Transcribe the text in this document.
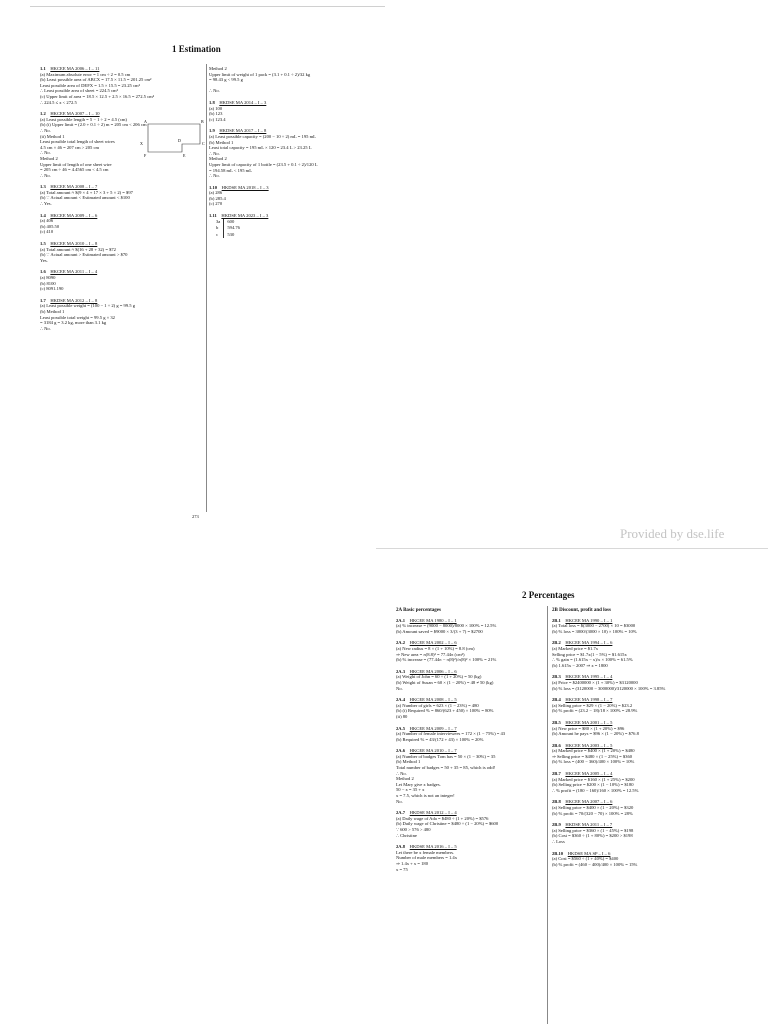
1 Estimation
1.1  HKCEE MA 2006 – I – 11
(a) Maximum absolute error = 1 cm ÷ 2 = 0.5 cm
(b) Least possible area of ABCX = 17.5 × 11.5 = 201.25 cm²
Least possible area of DEFX = 1.5 × 15.5 = 23.25 cm²
∴ Least possible area of sheet = 224.5 cm²
(c) Upper limit of area = 18.5 × 12.5 + 2.5 × 16.5 = 272.5 cm²
∴ 224.5 ≤ x < 272.5
1.2  HKCEE MA 2007 – I – 10
(a) Least possible length = 5 − 1 ÷ 2 = 4.5 (cm)
(b) (i) Upper limit = (2.0 + 0.1 ÷ 2) m = 205 cm < 206 cm
∴ No.
(ii) Method 1
Least possible total length of sheet wires
4.5 cm × 46 = 207 cm > 205 cm
∴ No.
Method 2
Upper limit of length of one sheet wire
= 205 cm ÷ 46 = 4.4565 cm < 4.5 cm
∴ No.
1.3  HKCEE MA 2008 – I – 7
(a) Total amount ≈ $(9 × 4 + 17 × 3 + 5 × 2) = $97
(b) ∵ Actual amount < Estimated amount < $100
∴ Yes.
1.4  HKCEE MA 2009 – I – 6
(a) 406
(b) 405.50
(c) 410
1.5  HKCEE MA 2010 – I – 8
(a) Total amount ≈ $(16 + 28 + 32) = $72
(b) ∵ Actual amount > Estimated amount > $70
Yes.
1.6  HKCEE MA 2011 – I – 4
(a) 8090
(b) 8100
(c) 8091.190
1.7  HKDSE MA 2012 – I – 8
(a) Least possible weight = (100 − 1 ÷ 2) g = 99.5 g
(b) Method 1
Least possible total weight = 99.5 g × 32
= 3184 g = 3.2 kg, more than 3.1 kg
∴ No.
Method 2
Upper limit of weight of 1 pack = (3.1 + 0.1 ÷ 2)/32 kg
= 98.43 g < 99.5 g

∴ No.
1.8  HKDSE MA 2014 – I – 3
(a) 100
(b) 123
(c) 123.4
1.9  HKDSE MA 2017 – I – 8
(a) Least possible capacity = (200 − 10 ÷ 2) mL = 195 mL
(b) Method 1
Least total capacity = 195 mL × 120 = 23.4 L > 23.25 L
∴ No.
Method 2
Upper limit of capacity of 1 bottle = (23.5 + 0.1 ÷ 2)/120 L
= 194.58 mL < 195 mL
∴ No.
1.10  HKDSE MA 2018 – I – 3
(a) 286
(b) 285.4
(c) 270
1.11  HKDSE MA 2023 – I – 3
3a	600
b	594.76
c	530
A	B
X
D
C
F	E
273
Provided by dse.life
2 Percentages
2A Basic percentages
2A.1  HKCEE MA 1980 – I – 1
(a) % increase = (9000 − 8000)/8000 × 100% = 12.5%
(b) Amount saved = $9000 × 3/(3 + 7) = $2700
2A.2  HKCEE MA 2002 – I – 6
(a) New radius = 8 × (1 + 10%) = 8.8 (cm)
⇒ New area = π(8.8)² = 77.44π (cm²)
(b) % increase = (77.44π − π(8)²)/π(8)² × 100% = 21%
2A.3  HKCEE MA 2006 – I – 6
(a) Weight of John = 60 ÷ (1 + 20%) = 50 (kg)
(b) Weight of Susan = 60 × (1 − 20%) = 48 ≠ 50 (kg)
No.
2A.4  HKCEE MA 2008 – I – 5
(a) Number of girls = 623 × (1 − 23%) = 480
(b) (i) Required % = 860/(623 + 450) × 100% = 80%
(ii) 80
2A.5  HKCEE MA 2009 – I – 7
(a) Number of female interviewees = 172 × (1 − 75%) = 43
(b) Required % = 43/(172 + 43) × 100% = 20%
2A.6  HKCEE MA 2010 – I – 7
(a) Number of badges Tom has = 50 × (1 − 30%) = 35
(b) Method 1
Total number of badges = 50 + 35 = 85, which is odd!
∴ No.
Method 2
Let Mary give x badges.
50 − x = 35 + x
x = 7.5, which is not an integer!
No.
2A.7  HKDSE MA 2012 – I – 4
(a) Daily wage of Ada = $480 ÷ (1 + 20%) = $576
(b) Daily wage of Christine = $480 ÷ (1 − 20%) = $600
∵ 600 > 576 > 480
∴ Christine
2A.8  HKDSE MA 2016 – I – 5
Let there be x female members.
Number of male members = 1.4x
⇒ 1.4x + x = 180
x = 75
2B Discount, profit and loss
2B.1  HKCEE MA 1990 – I – 1
(a) Total loss = $(3000 − 2700) × 10 = $3000
(b) % loss = 3000/(3000 × 10) × 100% = 10%
2B.2  HKCEE MA 1994 – I – 6
(a) Marked price = $1.7x
Selling price = $1.7x(1 − 5%) = $1.615x
∴ % gain = (1.615x − x)/x × 100% = 61.5%
(b) 1.615x − 2007 ⇒ x = 1800
2B.3  HKCEE MA 1995 – I – 4
(a) Price = $2400000 × (1 + 30%) = $3120000
(b) % loss = (3120000 − 3000000)/3120000 × 100% = 3.85%
2B.4  HKCEE MA 1998 – I – 7
(a) Selling price = $29 × (1 − 20%) = $23.2
(b) % profit = (23.2 − 18)/18 × 100% = 28.9%
2B.5  HKCEE MA 2001 – I – 5
(a) New price = $80 × (1 + 20%) = $96
(b) Amount he pays = $96 × (1 − 20%) = $76.8
2B.6  HKCEE MA 2003 – I – 5
(a) Marked price = $400 × (1 + 20%) = $480
⇒ Selling price = $480 × (1 − 25%) = $360
(b) % loss = (400 − 360)/400 × 100% = 10%
2B.7  HKCEE MA 2005 – I – 4
(a) Marked price = $160 × (1 + 25%) = $200
(b) Selling price = $200 × (1 − 10%) = $180
∴ % profit = (180 − 160)/160 × 100% = 12.5%
2B.8  HKCEE MA 2007 – I – 6
(a) Selling price = $400 × (1 − 20%) = $320
(b) % profit = 70/(320 − 70) × 100% = 28%
2B.9  HKDSE MA 2011 – I – 7
(a) Selling price = $360 × (1 − 45%) = $198
(b) Cost = $360 ÷ (1 + 80%) = $200 > $198
∴ Loss
2B.10  HKDSE MA SP – I – 6
(a) Cost = $560 ÷ (1 + 40%) = $400
(b) % profit = (460 − 400)/400 × 100% = 15%
